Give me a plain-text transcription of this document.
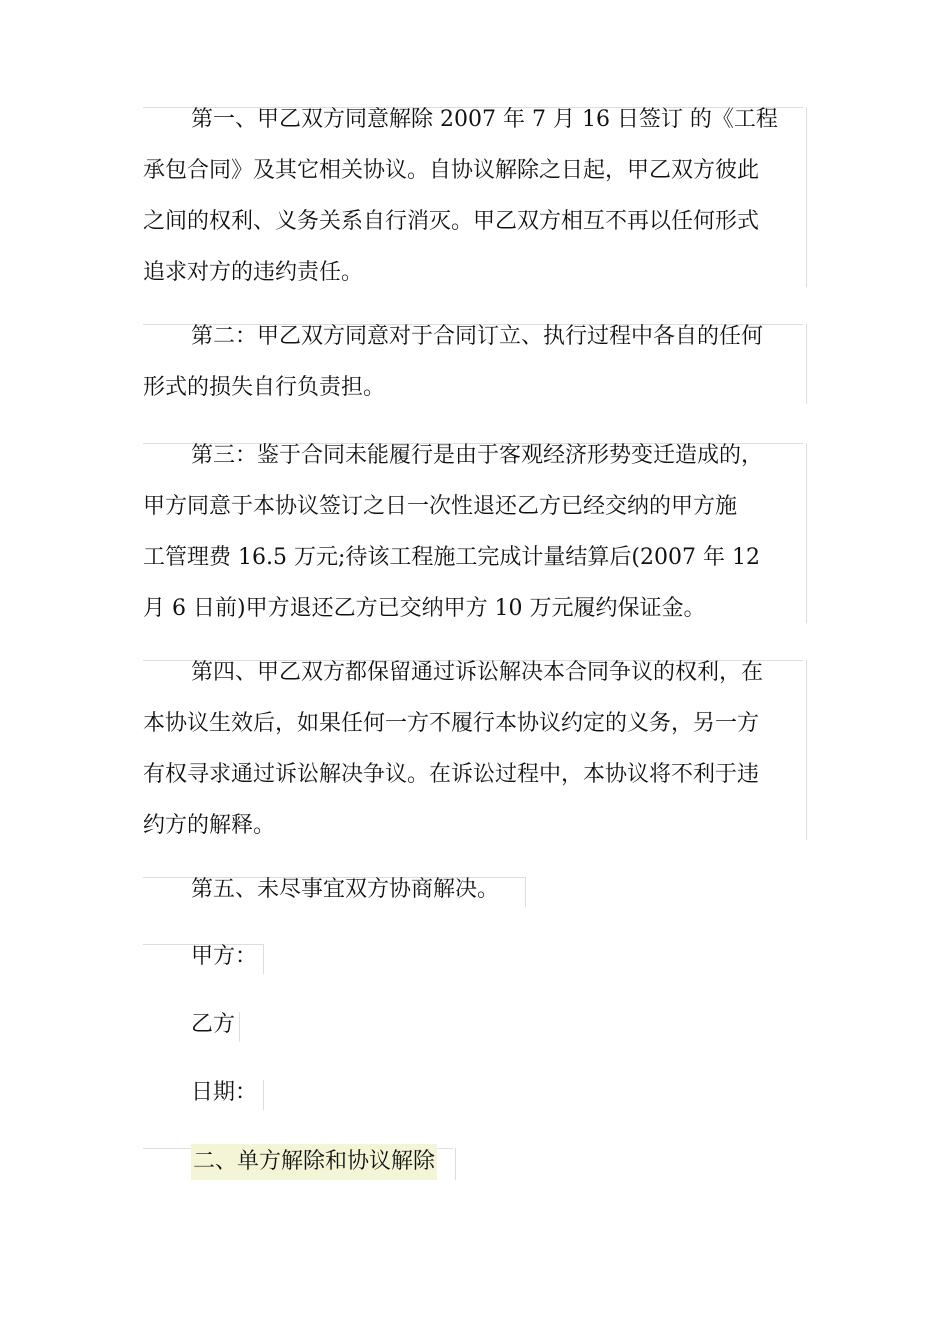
第一、甲乙双方同意解除 2007 年 7 月 16 日签订 的《工程
承包合同》及其它相关协议。自协议解除之日起，甲乙双方彼此
之间的权利、义务关系自行消灭。甲乙双方相互不再以任何形式
追求对方的违约责任。
第二：甲乙双方同意对于合同订立、执行过程中各自的任何
形式的损失自行负责担。
第三：鉴于合同未能履行是由于客观经济形势变迁造成的，
甲方同意于本协议签订之日一次性退还乙方已经交纳的甲方施
工管理费 16.5 万元;待该工程施工完成计量结算后(2007 年 12
月 6 日前)甲方退还乙方已交纳甲方 10 万元履约保证金。
第四、甲乙双方都保留通过诉讼解决本合同争议的权利，在
本协议生效后，如果任何一方不履行本协议约定的义务，另一方
有权寻求通过诉讼解决争议。在诉讼过程中，本协议将不利于违
约方的解释。
第五、未尽事宜双方协商解决。
甲方：
乙方
日期：
二、单方解除和协议解除
